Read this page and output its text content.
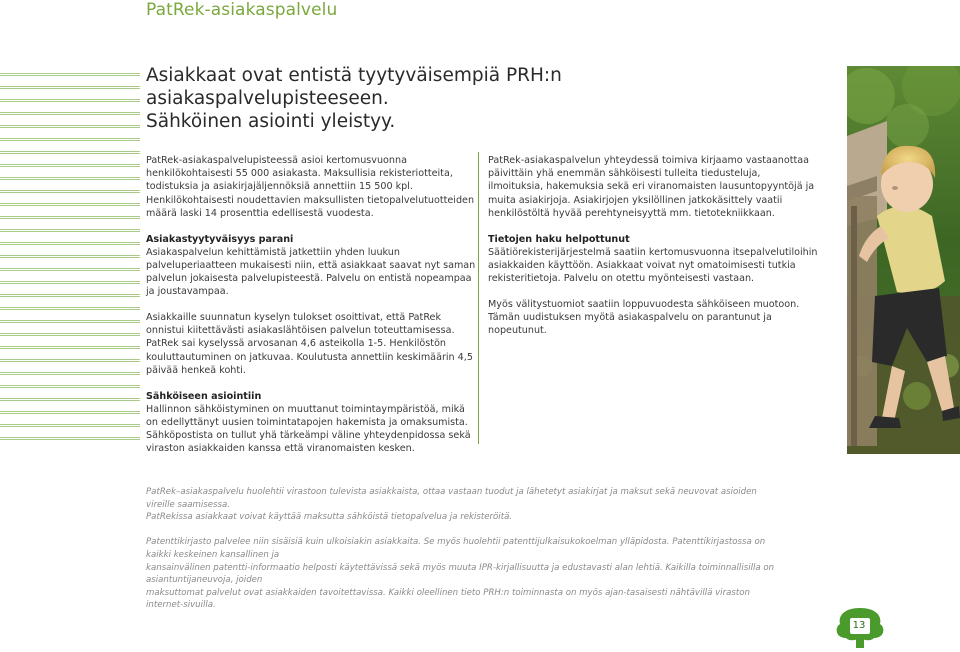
PatRek-asiakaspalvelu
Asiakkaat ovat entistä tyytyväisempiä PRH:n asiakaspalvelupisteeseen.
Sähköinen asiointi yleistyy.

PatRek-asiakaspalvelupisteessä asioi kertomusvuonna henkilökohtaisesti 55 000 asiakasta. Maksullisia rekisteriotteita, todistuksia ja asiakirjajäljennöksiä annettiin 15 500 kpl. Henkilökohtaisesti noudettavien maksullisten tietopalvelutuotteiden määrä laski 14 prosenttia edellisestä vuodesta.

Asiakastyytyväisyys parani

Asiakaspalvelun kehittämistä jatkettiin yhden luukun palveluperiaatteen mukaisesti niin, että asiakkaat saavat nyt saman palvelun jokaisesta palvelupisteestä. Palvelu on entistä nopeampaa ja joustavampaa.

Asiakkaille suunnatun kyselyn tulokset osoittivat, että PatRek onnistui kiitettävästi asiakaslähtöisen palvelun toteuttamisessa. PatRek sai kyselyssä arvosanan 4,6 asteikolla 1-5. Henkilöstön kouluttautuminen on jatkuvaa. Koulutusta annettiin keskimäärin 4,5 päivää henkeä kohti.

Sähköiseen asiointiin

Hallinnon sähköistyminen on muuttanut toimintaympäristöä, mikä on edellyttänyt uusien toimintatapojen hakemista ja omaksumista. Sähköpostista on tullut yhä tärkeämpi väline yhteydenpidossa sekä viraston asiakkaiden kanssa että viranomaisten kesken.

PatRek-asiakaspalvelun yhteydessä toimiva kirjaamo vastaanottaa päivittäin yhä enemmän sähköisesti tulleita tiedusteluja, ilmoituksia, hakemuksia sekä eri viranomaisten lausuntopyyntöjä ja muita asiakirjoja. Asiakirjojen yksilöllinen jatkokäsittely vaatii henkilöstöltä hyvää perehtyneisyyttä mm. tietotekniikkaan.

Tietojen haku helpottunut

Säätiörekisterijärjestelmä saatiin kertomusvuonna itsepalvelutiloihin asiakkaiden käyttöön. Asiakkaat voivat nyt omatoimisesti tutkia rekisteritietoja. Palvelu on otettu myönteisesti vastaan.

Myös välitystuomiot saatiin loppuvuodesta sähköiseen muotoon. Tämän uudistuksen myötä asiakaspalvelu on parantunut ja nopeutunut.

PatRek–asiakaspalvelu huolehtii virastoon tulevista asiakkaista, ottaa vastaan tuodut ja lähetetyt asiakirjat ja maksut sekä neuvovat asioiden vireille saamisessa.
PatRekissa asiakkaat voivat käyttää maksutta sähköistä tietopalvelua ja rekisteröitä.

Patenttikirjasto palvelee niin sisäisiä kuin ulkoisiakin asiakkaita. Se myös huolehtii patenttijulkaisukokoelman ylläpidosta. Patenttikirjastossa on kaikki keskeinen kansallinen ja
kansainvälinen patentti-informaatio helposti käytettävissä sekä myös muuta IPR-kirjallisuutta ja edustavasti alan lehtiä. Kaikilla toiminnallisilla on asiantuntijaneuvoja, joiden
maksuttomat palvelut ovat asiakkaiden tavoitettavissa. Kaikki oleellinen tieto PRH:n toiminnasta on myös ajan-tasaisesti nähtävillä viraston internet-sivuilla.

13
